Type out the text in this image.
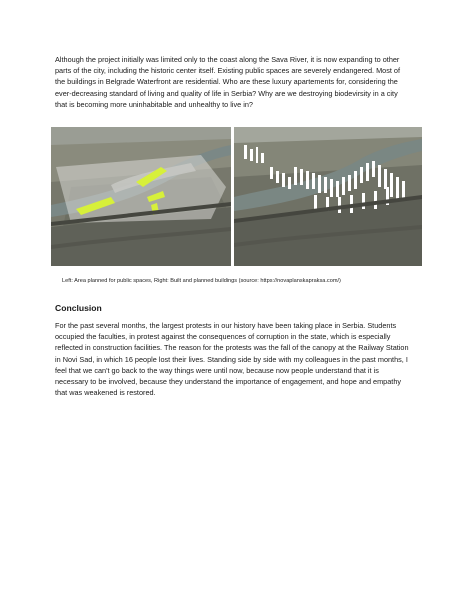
Although the project initially was limited only to the coast along the Sava River, it is now expanding to other parts of the city, including the historic center itself. Existing public spaces are severely endangered. Most of the buildings in Belgrade Waterfront are residential. Who are these luxury apartements for, considering the ever-decreasing standard of living and quality of life in Serbia? Why are we destroying biodevirsity in a city that is becoming more uninhabitable and unhealthy to live in?

Left: Area planned for public spaces, Right: Built and planned buildings (source: https://novaplanskapraksa.com/)

Conclusion

For the past several months, the largest protests in our history have been taking place in Serbia. Students occupied the faculties, in protest against the consequences of corruption in the state, which is especially reflected in construction facilities. The reason for the protests was the fall of the canopy at the Railway Station in Novi Sad, in which 16 people lost their lives. Standing side by side with my colleagues in the past months, I feel that we can't go back to the way things were until now, because now people understand that it is necessary to be involved, because they understand the importance of engagement, and hope and empathy that was weakened is restored.
